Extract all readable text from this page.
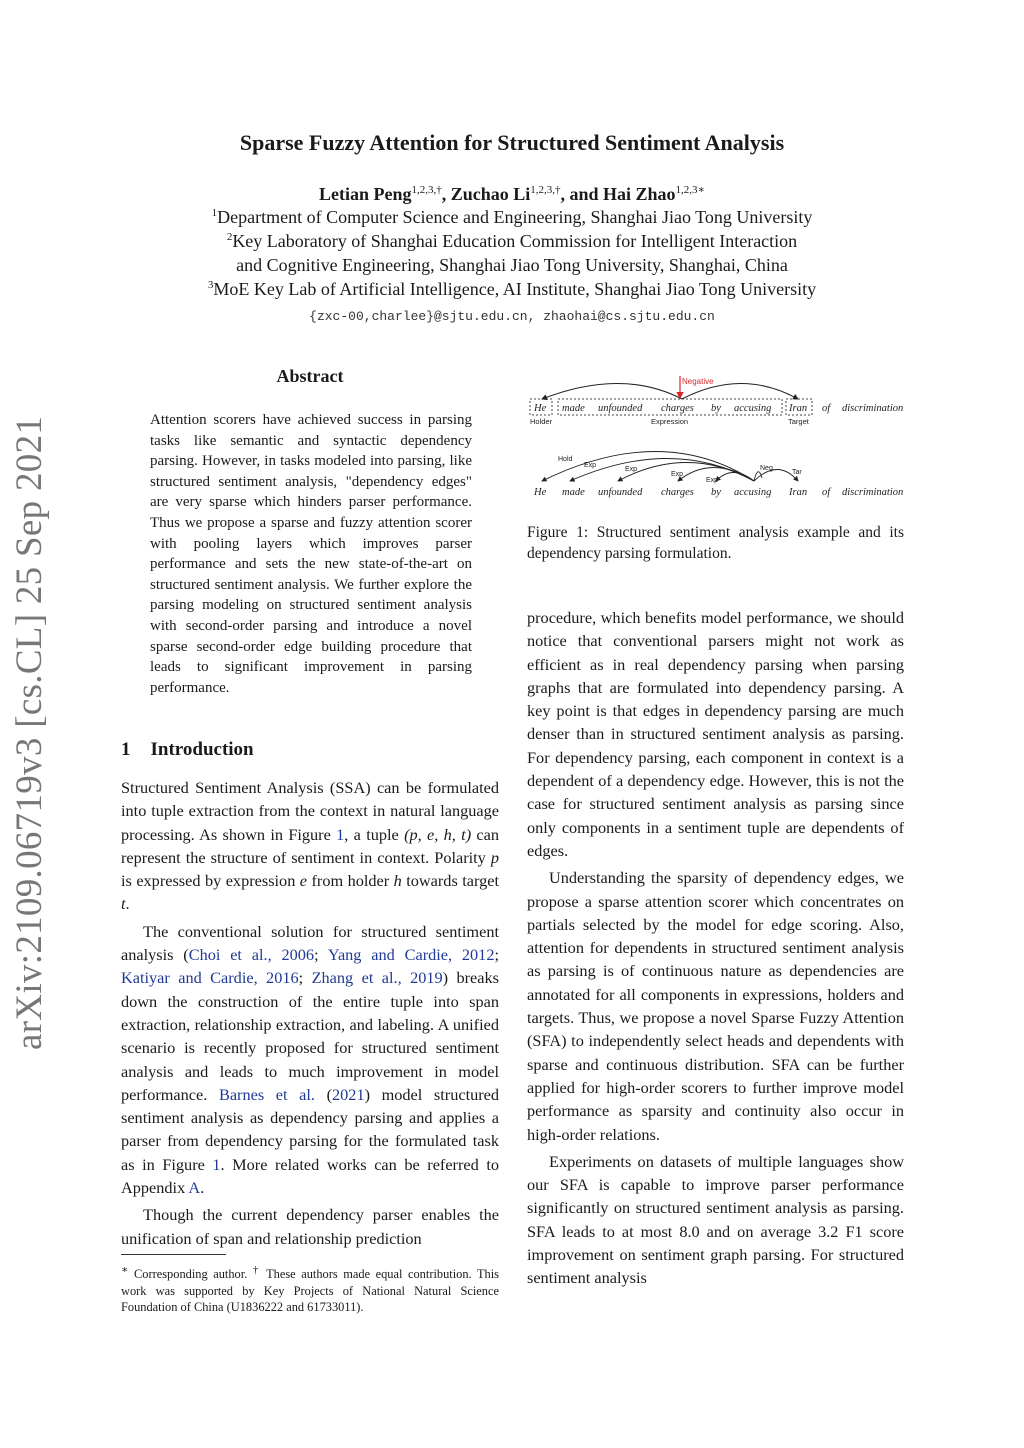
Sparse Fuzzy Attention for Structured Sentiment Analysis
Letian Peng$^{1,2,3,\dagger}$, Zuchao $Li^{1,2,3,\dagger}$, and Hai Zhao$^{1,2,3∗}$
$^1$Department of Computer Science and Engineering, Shanghai Jiao Tong University
$^2$Key Laboratory of Shanghai Education Commission for Intelligent Interaction
and Cognitive Engineering, Shanghai Jiao Tong University, Shanghai, China
$^3$MoE Key Lab of Artificial Intelligence, AI Institute, Shanghai Jiao Tong University
{zxc-00,charlee}@sjtu.edu.cn, zhaohai@cs.sjtu.edu.cn
arXiv:2109.06719v3 [cs.CL] 25 Sep 2021
Abstract
Attention scorers have achieved success in parsing tasks like semantic and syntactic dependency parsing. However, in tasks modeled into parsing, like structured sentiment analysis, "dependency edges" are very sparse which hinders parser performance. Thus we propose a sparse and fuzzy attention scorer with pooling layers which improves parser performance and sets the new state-of-the-art on structured sentiment analysis. We further explore the parsing modeling on structured sentiment analysis with second-order parsing and introduce a novel sparse second-order edge building procedure that leads to significant improvement in parsing performance.
1 Introduction

Structured Sentiment Analysis (SSA) can be formulated into tuple extraction from the context in natural language processing. As shown in Figure 1, a tuple (p, e, h, t) can represent the structure of sentiment in context. Polarity p is expressed by expression e from holder h towards target t.

The conventional solution for structured sentiment analysis (Choi et al., 2006; Yang and Cardie, 2012; Katiyar and Cardie, 2016; Zhang et al., 2019) breaks down the construction of the entire tuple into span extraction, relationship extraction, and labeling. A unified scenario is recently proposed for structured sentiment analysis and leads to much improvement in model performance. Barnes et al. (2021) model structured sentiment analysis as dependency parsing and applies a parser from dependency parsing for the formulated task as in Figure 1. More related works can be referred to Appendix A.

Though the current dependency parser enables the unification of span and relationship prediction

∗ Corresponding author. † These authors made equal contribution. This work was supported by Key Projects of National Natural Science Foundation of China (U1836222 and 61733011).
Negative
He made unfounded charges by accusing Iran of discrimination
Holder	Expression	Target
Hold
Exp
Exp
Exp
Exp
Neg
Tar
He made unfounded charges by accusing Iran of discrimination
Figure 1: Structured sentiment analysis example and its dependency parsing formulation.

procedure, which benefits model performance, we should notice that conventional parsers might not work as efficient as in real dependency parsing when parsing graphs that are formulated into dependency parsing. A key point is that edges in dependency parsing are much denser than in structured sentiment analysis as parsing. For dependency parsing, each component in context is a dependent of a dependency edge. However, this is not the case for structured sentiment analysis as parsing since only components in a sentiment tuple are dependents of edges.

Understanding the sparsity of dependency edges, we propose a sparse attention scorer which concentrates on partials selected by the model for edge scoring. Also, attention for dependents in structured sentiment analysis as parsing is of continuous nature as dependencies are annotated for all components in expressions, holders and targets. Thus, we propose a novel Sparse Fuzzy Attention (SFA) to independently select heads and dependents with sparse and continuous distribution. SFA can be further applied for high-order scorers to further improve model performance as sparsity and continuity also occur in high-order relations.

Experiments on datasets of multiple languages show our SFA is capable to improve parser performance significantly on structured sentiment analysis as parsing. SFA leads to at most 8.0 and on average 3.2 F1 score improvement on sentiment graph parsing. For structured sentiment analysis
